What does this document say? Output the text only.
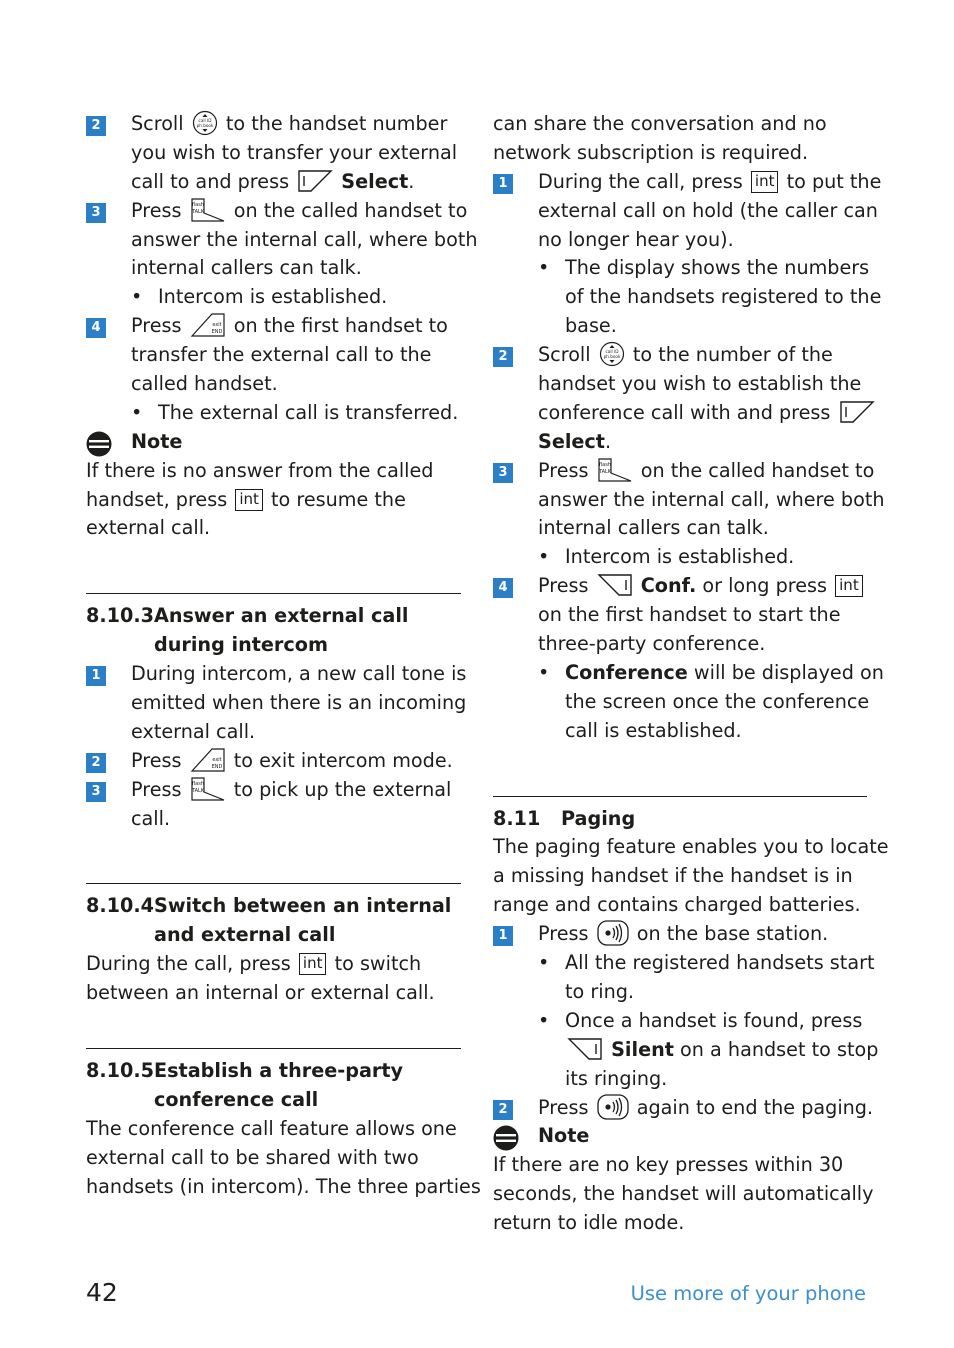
2 Scroll to the handset number
you wish to transfer your external
call to and press	Select.
3 Press	on the called handset to
answer the internal call, where both
internal callers can talk.
• Intercom is established.
4 Press	on the first handset to
transfer the external call to the
called handset.
• The external call is transferred.
Note
If there is no answer from the called
handset, press int to resume the
external call.
8.10.3Answer an external call
during intercom
1 During intercom, a new call tone is
emitted when there is an incoming
external call.
2 Press	to exit intercom mode.
3 Press	to pick up the external
call.
8.10.4Switch between an internal
and external call
During the call, press int to switch
between an internal or external call.
8.10.5Establish a three-party
conference call
The conference call feature allows one
external call to be shared with two
handsets (in intercom). The three parties
can share the conversation and no
network subscription is required.
1 During the call, press int to put the
external call on hold (the caller can
no longer hear you).
• The display shows the numbers
of the handsets registered to the
base.
2 Scroll to the number of the
handset you wish to establish the
conference call with and press
Select.
3 Press	on the called handset to
answer the internal call, where both
internal callers can talk.
• Intercom is established.
4 Press	Conf. or long press int
on the first handset to start the
three-party conference.
• Conference will be displayed on
the screen once the conference
call is established.
8.11 Paging
The paging feature enables you to locate
a missing handset if the handset is in
range and contains charged batteries.
1 Press	on the base station.
• All the registered handsets start
to ring.
• Once a handset is found, press
Silent on a handset to stop
its ringing.
2 Press	again to end the paging.
Note
If there are no key presses within 30
seconds, the handset will automatically
return to idle mode.
42	Use more of your phone
